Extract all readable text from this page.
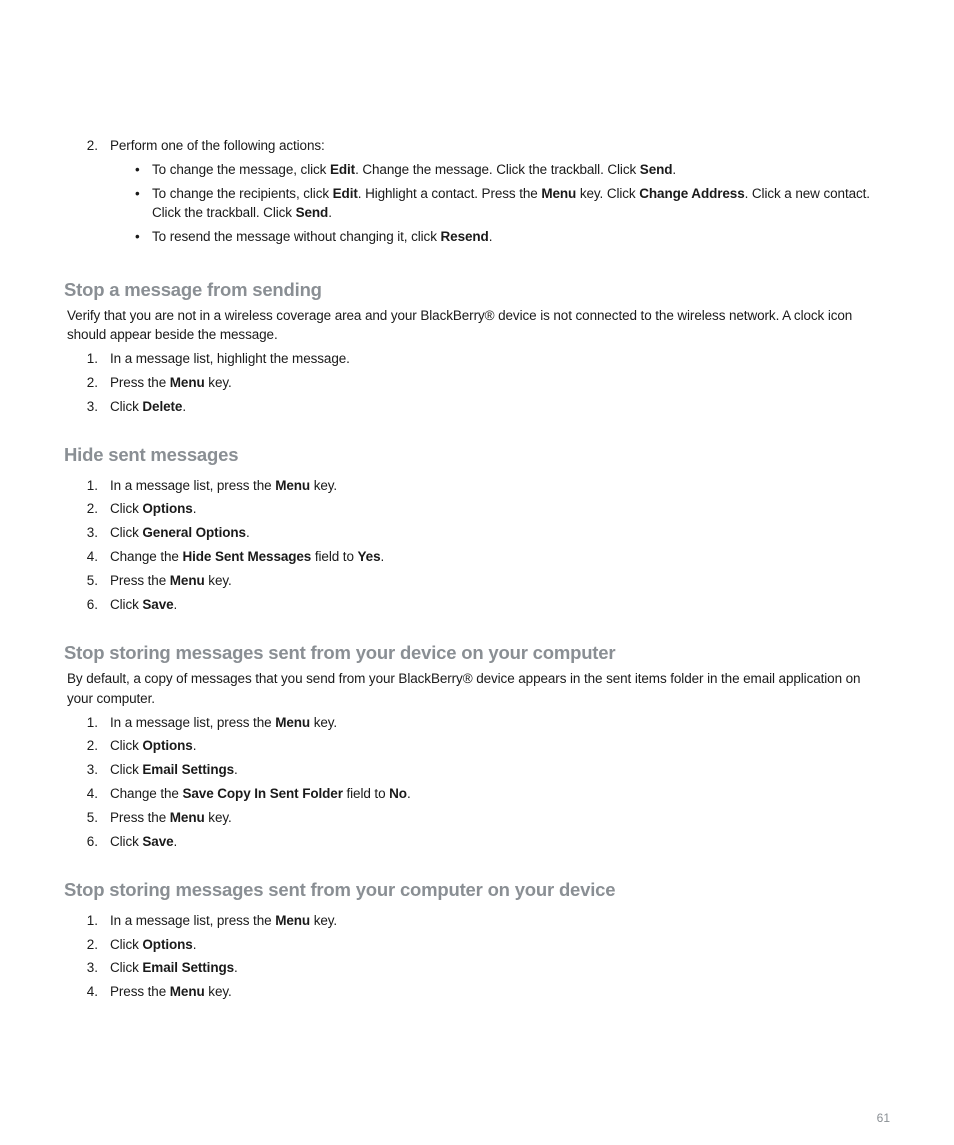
2. Perform one of the following actions:
• To change the message, click Edit. Change the message. Click the trackball. Click Send.
• To change the recipients, click Edit. Highlight a contact. Press the Menu key. Click Change Address. Click a new contact.
Click the trackball. Click Send.
• To resend the message without changing it, click Resend.
Stop a message from sending
Verify that you are not in a wireless coverage area and your BlackBerry® device is not connected to the wireless network. A clock icon
should appear beside the message.
1. In a message list, highlight the message.
2. Press the Menu key.
3. Click Delete.
Hide sent messages
1. In a message list, press the Menu key.
2. Click Options.
3. Click General Options.
4. Change the Hide Sent Messages field to Yes.
5. Press the Menu key.
6. Click Save.
Stop storing messages sent from your device on your computer
By default, a copy of messages that you send from your BlackBerry® device appears in the sent items folder in the email application on
your computer.
1. In a message list, press the Menu key.
2. Click Options.
3. Click Email Settings.
4. Change the Save Copy In Sent Folder field to No.
5. Press the Menu key.
6. Click Save.
Stop storing messages sent from your computer on your device
1. In a message list, press the Menu key.
2. Click Options.
3. Click Email Settings.
4. Press the Menu key.
61
